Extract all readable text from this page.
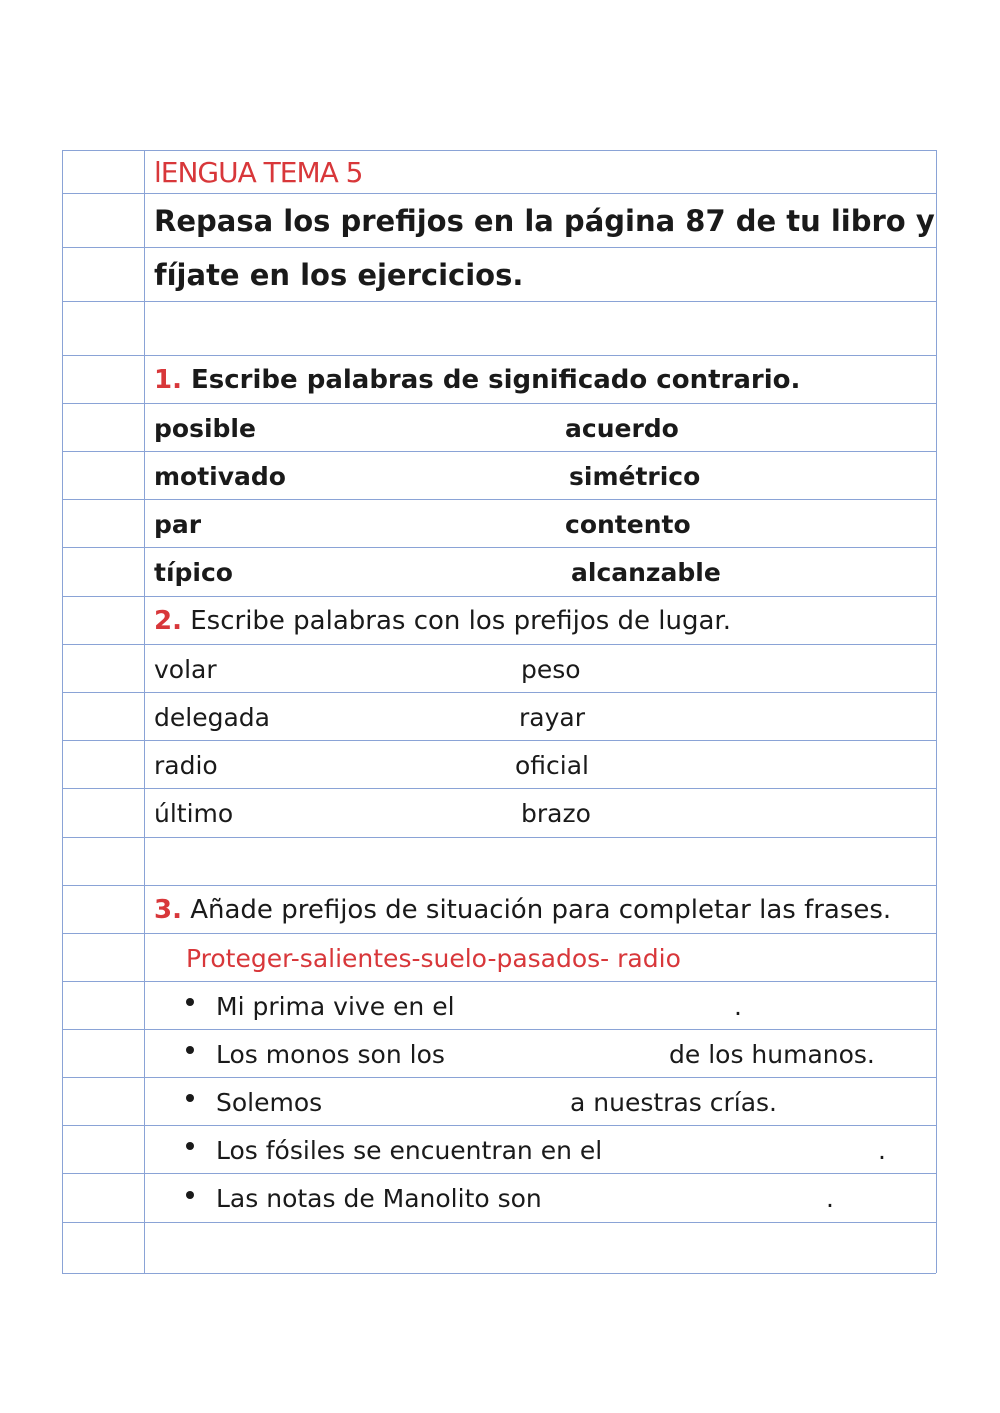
lENGUA TEMA 5
Repasa los prefijos en la página 87 de tu libro y
fíjate en los ejercicios.
1.
Escribe palabras de significado contrario.
posible	acuerdo
motivado	simétrico
par	contento
típico	alcanzable
2.
Escribe palabras con los prefijos de lugar.
volar	peso
delegada	rayar
radio	oficial
último	brazo
3.
Añade prefijos de situación para completar las frases.
Proteger-salientes-suelo-pasados- radio
Mi prima vive en el	.
Los monos son los	de los humanos.
Solemos	a nuestras crías.
Los fósiles se encuentran en el	.
Las notas de Manolito son	.
